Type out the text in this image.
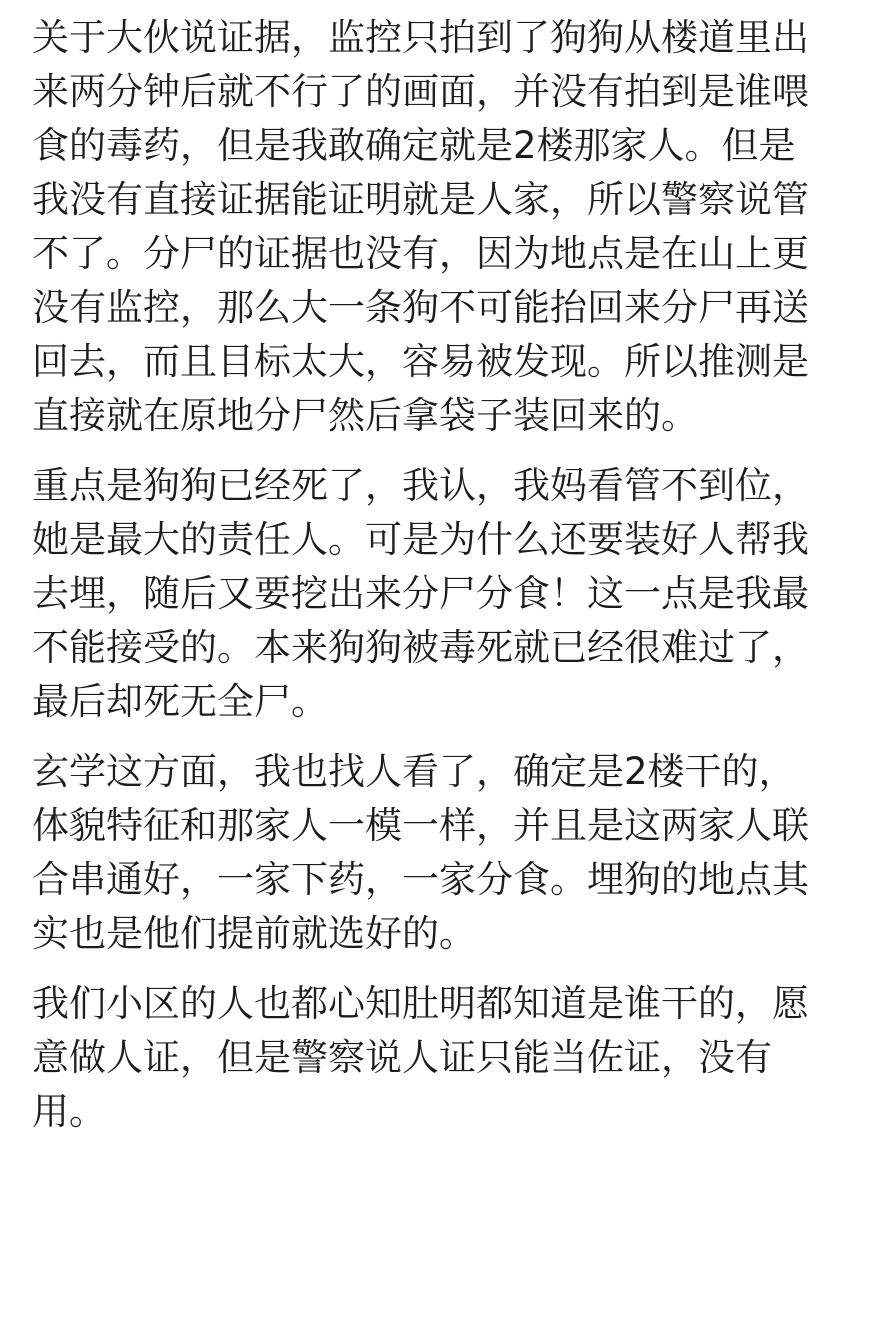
关于大伙说证据，监控只拍到了狗狗从楼道里出
来两分钟后就不行了的画面，并没有拍到是谁喂
食的毒药，但是我敢确定就是2楼那家人。但是
我没有直接证据能证明就是人家，所以警察说管
不了。分尸的证据也没有，因为地点是在山上更
没有监控，那么大一条狗不可能抬回来分尸再送
回去，而且目标太大，容易被发现。所以推测是
直接就在原地分尸然后拿袋子装回来的。

重点是狗狗已经死了，我认，我妈看管不到位，
她是最大的责任人。可是为什么还要装好人帮我
去埋，随后又要挖出来分尸分食！这一点是我最
不能接受的。本来狗狗被毒死就已经很难过了，
最后却死无全尸。

玄学这方面，我也找人看了，确定是2楼干的，
体貌特征和那家人一模一样，并且是这两家人联
合串通好，一家下药，一家分食。埋狗的地点其
实也是他们提前就选好的。

我们小区的人也都心知肚明都知道是谁干的，愿
意做人证，但是警察说人证只能当佐证，没有
用。
